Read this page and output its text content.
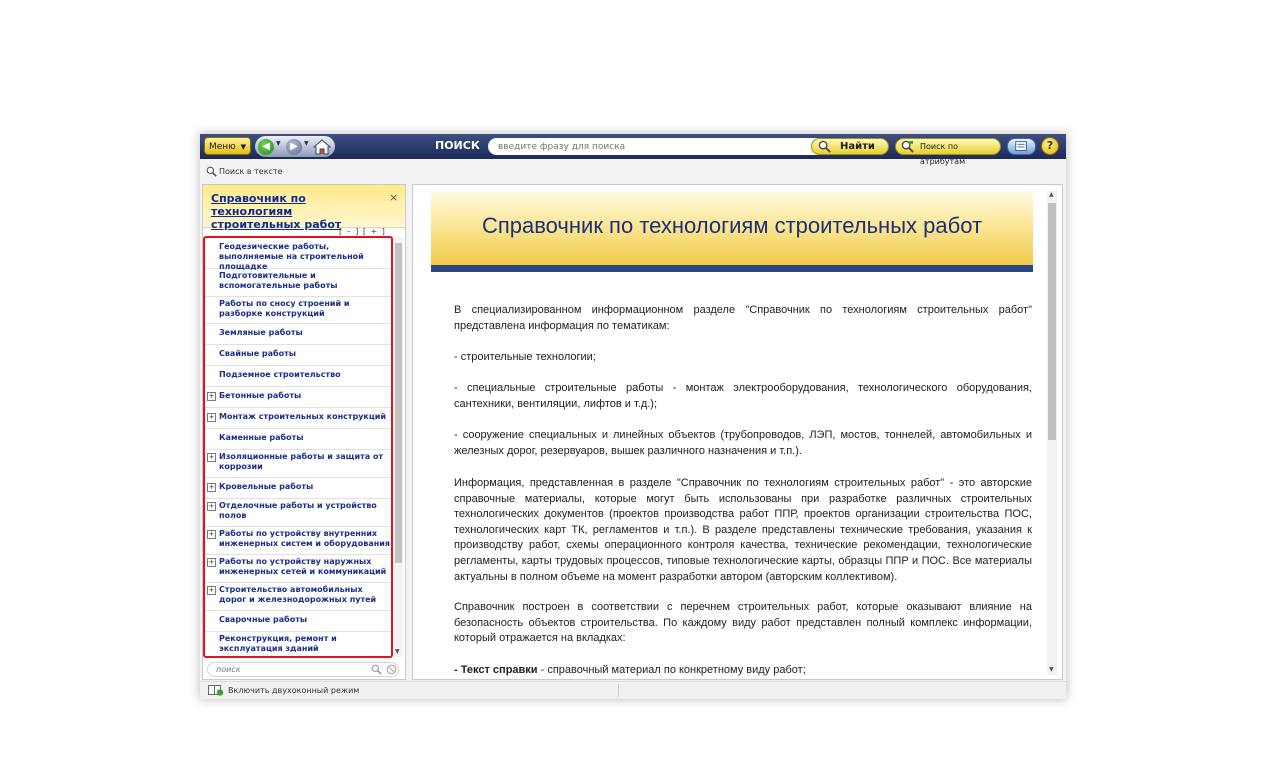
Меню ▼	◀	▼ ▶	▼	ПОИСК
введите фразу для поиска	Найти	Поиск по атрибутам
?
Поиск в тексте
Справочник по технологиям строительных работ
×
[ – ] [ + ]
Геодезические работы, выполняемые на строительной площадке
Подготовительные и вспомогательные работы
Работы по сносу строений и разборке конструкций
Земляные работы
Свайные работы
Подземное строительство
+ Бетонные работы
+ Монтаж строительных конструкций
Каменные работы
+ Изоляционные работы и защита от коррозии
+ Кровельные работы
+ Отделочные работы и устройство полов
+ Работы по устройству внутренних инженерных систем и оборудования
+ Работы по устройству наружных инженерных сетей и коммуникаций
+ Строительство автомобильных дорог и железнодорожных путей
Сварочные работы
Реконструкция, ремонт и эксплуатация зданий	▼
поиск
Справочник по технологиям строительных работ
В специализированном информационном разделе "Справочник по технологиям строительных работ" представлена информация по тематикам:
- строительные технологии;
- специальные строительные работы - монтаж электрооборудования, технологического оборудования, сантехники, вентиляции, лифтов и т.д.);
- сооружение специальных и линейных объектов (трубопроводов, ЛЭП, мостов, тоннелей, автомобильных и железных дорог, резервуаров, вышек различного назначения и т.п.).
Информация, представленная в разделе "Справочник по технологиям строительных работ" - это авторские справочные материалы, которые могут быть использованы при разработке различных строительных технологических документов (проектов производства работ ППР, проектов организации строительства ПОС, технологических карт ТК, регламентов и т.п.). В разделе представлены технические требования, указания к производству работ, схемы операционного контроля качества, технические рекомендации, технологические регламенты, карты трудовых процессов, типовые технологические карты, образцы ППР и ПОС. Все материалы актуальны в полном объеме на момент разработки автором (авторским коллективом).
Справочник построен в соответствии с перечнем строительных работ, которые оказывают влияние на безопасность объектов строительства. По каждому виду работ представлен полный комплекс информации, который отражается на вкладках:
- Текст справки - справочный материал по конкретному виду работ;
▲
▼
Включить двухоконный режим
